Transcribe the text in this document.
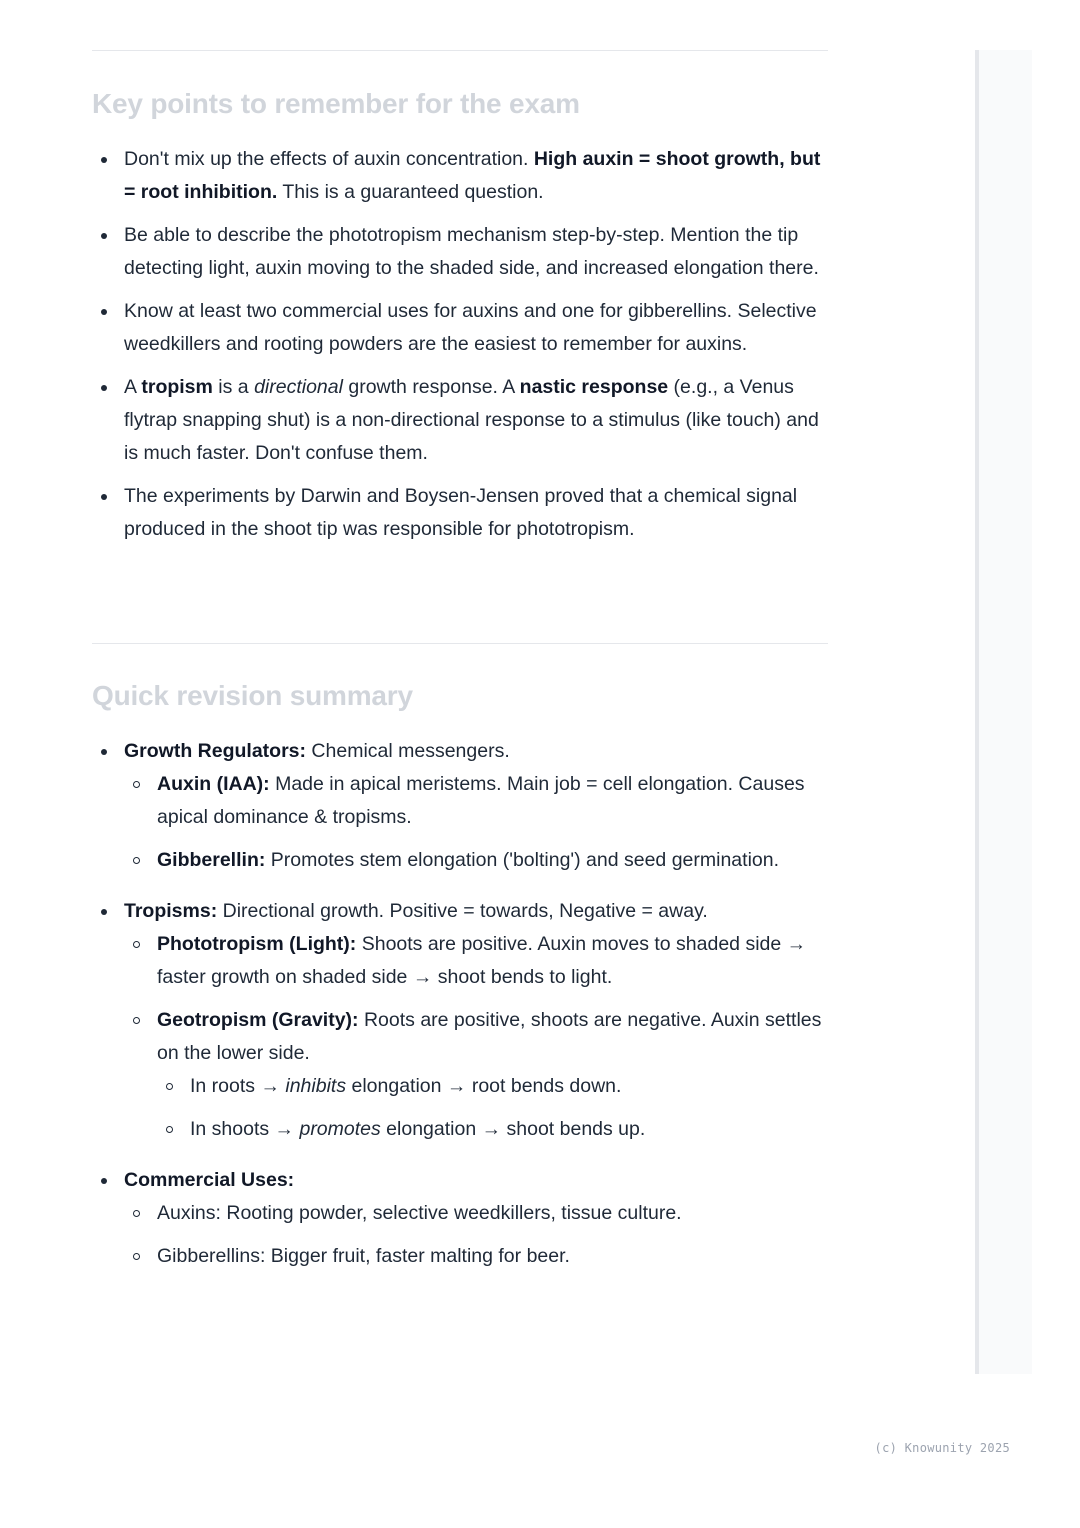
Key points to remember for the exam
Don't mix up the effects of auxin concentration. High auxin = shoot growth, but = root inhibition. This is a guaranteed question.
Be able to describe the phototropism mechanism step-by-step. Mention the tip detecting light, auxin moving to the shaded side, and increased elongation there.
Know at least two commercial uses for auxins and one for gibberellins. Selective weedkillers and rooting powders are the easiest to remember for auxins.
A tropism is a directional growth response. A nastic response (e.g., a Venus flytrap snapping shut) is a non-directional response to a stimulus (like touch) and is much faster. Don't confuse them.
The experiments by Darwin and Boysen-Jensen proved that a chemical signal produced in the shoot tip was responsible for phototropism.
Quick revision summary
Growth Regulators: Chemical messengers.
Auxin (IAA): Made in apical meristems. Main job = cell elongation. Causes apical dominance & tropisms.
Gibberellin: Promotes stem elongation ('bolting') and seed germination.
Tropisms: Directional growth. Positive = towards, Negative = away.
Phototropism (Light): Shoots are positive. Auxin moves to shaded side → faster growth on shaded side → shoot bends to light.
Geotropism (Gravity): Roots are positive, shoots are negative. Auxin settles on the lower side.
In roots → inhibits elongation → root bends down.
In shoots → promotes elongation → shoot bends up.
Commercial Uses:
Auxins: Rooting powder, selective weedkillers, tissue culture.
Gibberellins: Bigger fruit, faster malting for beer.
(c) Knowunity 2025
